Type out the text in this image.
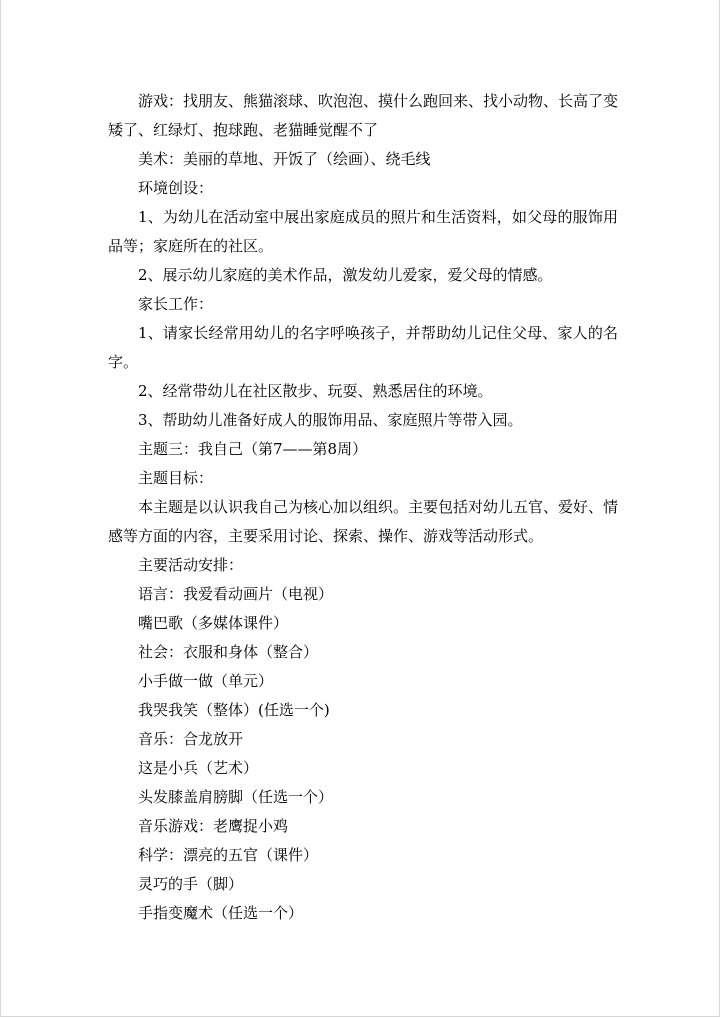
游戏：找朋友、熊猫滚球、吹泡泡、摸什么跑回来、找小动物、长高了变矮了、红绿灯、抱球跑、老猫睡觉醒不了

美术：美丽的草地、开饭了（绘画）、绕毛线

环境创设：

1、为幼儿在活动室中展出家庭成员的照片和生活资料，如父母的服饰用品等；家庭所在的社区。

2、展示幼儿家庭的美术作品，激发幼儿爱家，爱父母的情感。

家长工作：

1、请家长经常用幼儿的名字呼唤孩子，并帮助幼儿记住父母、家人的名字。

2、经常带幼儿在社区散步、玩耍、熟悉居住的环境。

3、帮助幼儿准备好成人的服饰用品、家庭照片等带入园。

主题三：我自己（第7——第8周）

主题目标：

本主题是以认识我自己为核心加以组织。主要包括对幼儿五官、爱好、情感等方面的内容，主要采用讨论、探索、操作、游戏等活动形式。

主要活动安排：

语言：我爱看动画片（电视）

嘴巴歌（多媒体课件）

社会：衣服和身体（整合）

小手做一做（单元）

我哭我笑（整体）(任选一个)

音乐：合龙放开

这是小兵（艺术）

头发膝盖肩膀脚（任选一个）

音乐游戏：老鹰捉小鸡

科学：漂亮的五官（课件）

灵巧的手（脚）

手指变魔术（任选一个）
